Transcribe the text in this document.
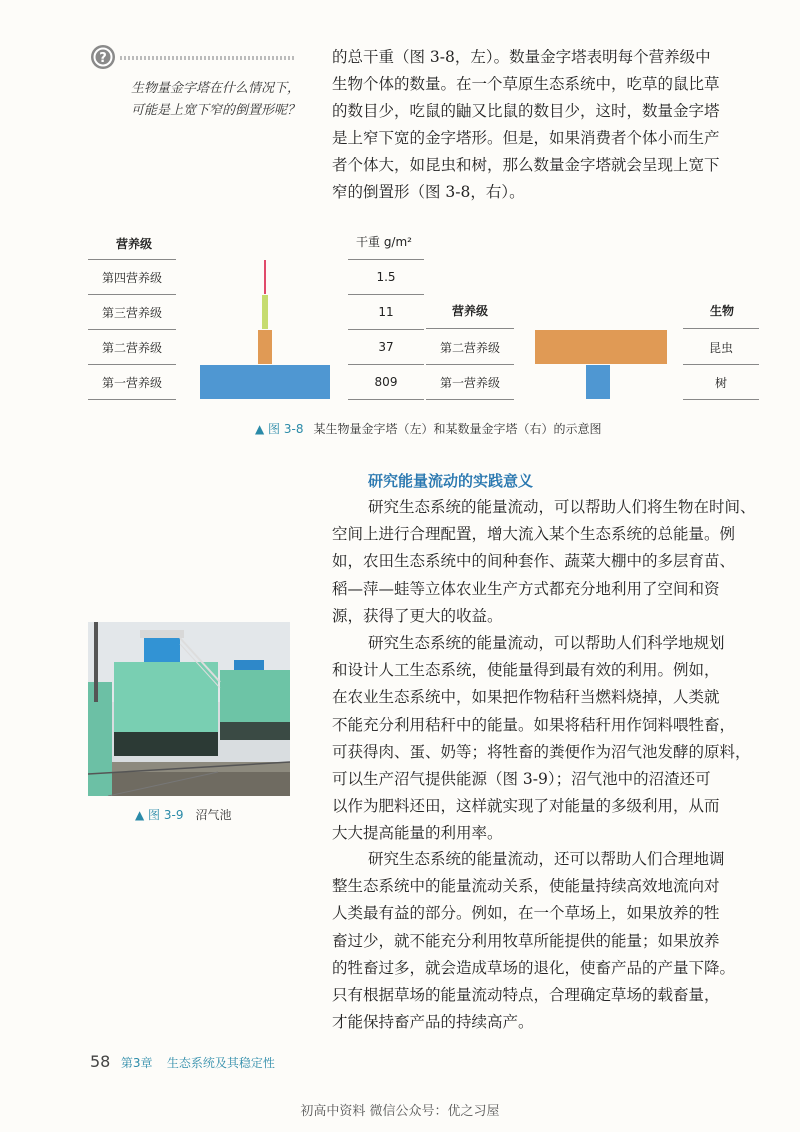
?
生物量金字塔在什么情况下，
可能是上宽下窄的倒置形呢？
的总干重（图 3-8，左）。数量金字塔表明每个营养级中
生物个体的数量。在一个草原生态系统中，吃草的鼠比草
的数目少，吃鼠的鼬又比鼠的数目少，这时，数量金字塔
是上窄下宽的金字塔形。但是，如果消费者个体小而生产
者个体大，如昆虫和树，那么数量金字塔就会呈现上宽下
窄的倒置形（图 3-8，右）。
营养级
第四营养级
第三营养级
第二营养级
第一营养级
干重 g/m²
1.5
11
37
809
营养级
第二营养级
第一营养级
生物
昆虫
树
▲ 图 3-8 某生物量金字塔（左）和某数量金字塔（右）的示意图
研究能量流动的实践意义
研究生态系统的能量流动，可以帮助人们将生物在时间、
空间上进行合理配置，增大流入某个生态系统的总能量。例
如，农田生态系统中的间种套作、蔬菜大棚中的多层育苗、
稻—萍—蛙等立体农业生产方式都充分地利用了空间和资
源，获得了更大的收益。
研究生态系统的能量流动，可以帮助人们科学地规划
和设计人工生态系统，使能量得到最有效的利用。例如，
在农业生态系统中，如果把作物秸秆当燃料烧掉，人类就
不能充分利用秸秆中的能量。如果将秸秆用作饲料喂牲畜，
可获得肉、蛋、奶等；将牲畜的粪便作为沼气池发酵的原料，
可以生产沼气提供能源（图 3-9）；沼气池中的沼渣还可
以作为肥料还田，这样就实现了对能量的多级利用，从而
大大提高能量的利用率。
研究生态系统的能量流动，还可以帮助人们合理地调
整生态系统中的能量流动关系，使能量持续高效地流向对
人类最有益的部分。例如，在一个草场上，如果放养的牲
畜过少，就不能充分利用牧草所能提供的能量；如果放养
的牲畜过多，就会造成草场的退化，使畜产品的产量下降。
只有根据草场的能量流动特点，合理确定草场的载畜量，
才能保持畜产品的持续高产。
▲ 图 3-9 沼气池
58 第3章 生态系统及其稳定性
初高中资料 微信公众号：优之习屋
